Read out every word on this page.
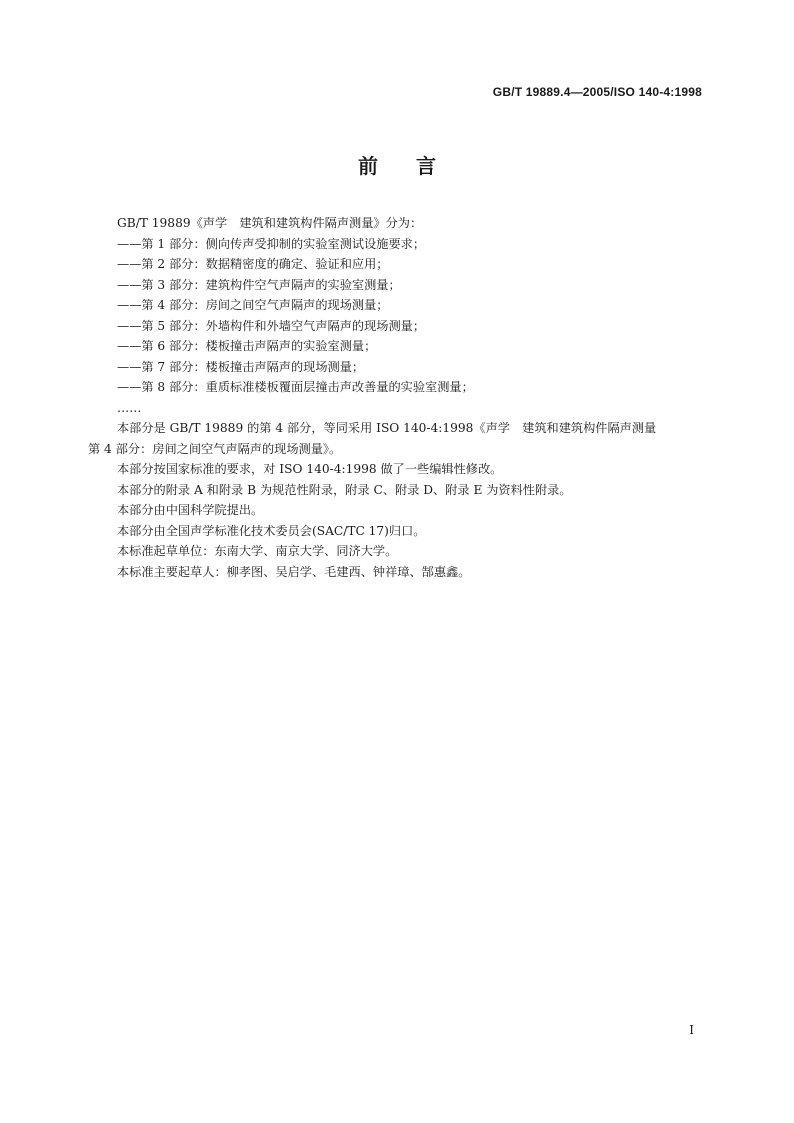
GB/T 19889.4—2005/ISO 140-4:1998
前言
GB/T 19889《声学　建筑和建筑构件隔声测量》分为：
——第 1 部分：侧向传声受抑制的实验室测试设施要求；
——第 2 部分：数据精密度的确定、验证和应用；
——第 3 部分：建筑构件空气声隔声的实验室测量；
——第 4 部分：房间之间空气声隔声的现场测量；
——第 5 部分：外墙构件和外墙空气声隔声的现场测量；
——第 6 部分：楼板撞击声隔声的实验室测量；
——第 7 部分：楼板撞击声隔声的现场测量；
——第 8 部分：重质标准楼板覆面层撞击声改善量的实验室测量；
……
本部分是 GB/T 19889 的第 4 部分，等同采用 ISO 140-4:1998《声学　建筑和建筑构件隔声测量
第 4 部分：房间之间空气声隔声的现场测量》。
本部分按国家标准的要求，对 ISO 140-4:1998 做了一些编辑性修改。
本部分的附录 A 和附录 B 为规范性附录，附录 C、附录 D、附录 E 为资料性附录。
本部分由中国科学院提出。
本部分由全国声学标准化技术委员会(SAC/TC 17)归口。
本标准起草单位：东南大学、南京大学、同济大学。
本标准主要起草人：柳孝图、吴启学、毛建西、钟祥璋、郜惠鑫。
I
